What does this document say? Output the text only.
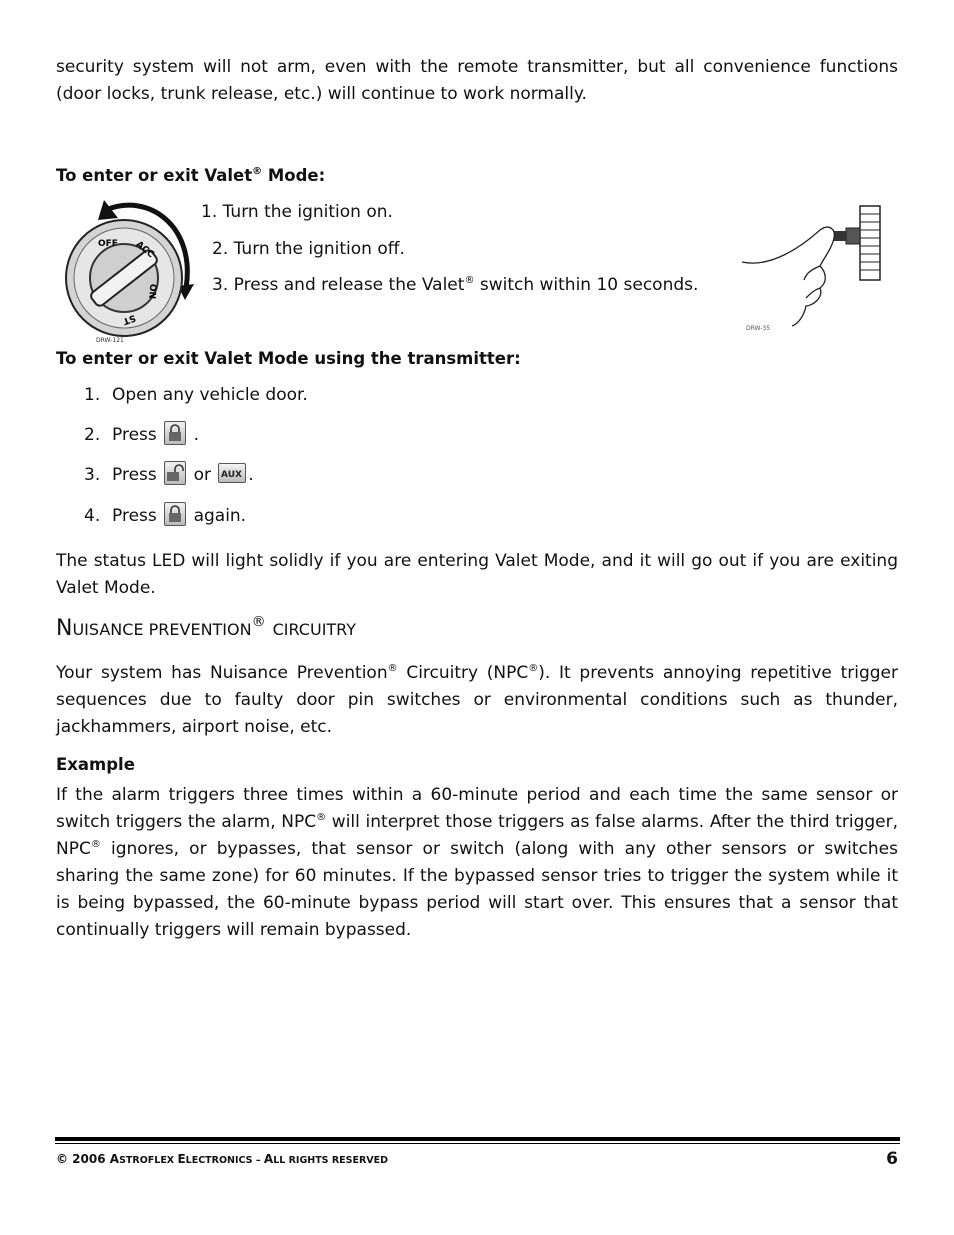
security system will not arm, even with the remote transmitter, but all convenience functions (door locks, trunk release, etc.) will continue to work normally.

To enter or exit Valet® Mode:

OFF ACC
ON
ST
DRW-121

1. Turn the ignition on.

2. Turn the ignition off.

3. Press and release the Valet® switch within 10 seconds.

DRW-35

To enter or exit Valet Mode using the transmitter:

1. Open any vehicle door.

2. Press .

3. Press or AUX .

4. Press again.

The status LED will light solidly if you are entering Valet Mode, and it will go out if you are exiting Valet Mode.

NUISANCE PREVENTION® CIRCUITRY

Your system has Nuisance Prevention® Circuitry (NPC®). It prevents annoying repetitive trigger sequences due to faulty door pin switches or environmental conditions such as thunder, jackhammers, airport noise, etc.

Example

If the alarm triggers three times within a 60-minute period and each time the same sensor or switch triggers the alarm, NPC® will interpret those triggers as false alarms. After the third trigger, NPC® ignores, or bypasses, that sensor or switch (along with any other sensors or switches sharing the same zone) for 60 minutes. If the bypassed sensor tries to trigger the system while it is being bypassed, the 60-minute bypass period will start over. This ensures that a sensor that continually triggers will remain bypassed.

© 2006 ASTROFLEX ELECTRONICS – ALL RIGHTS RESERVED	6
